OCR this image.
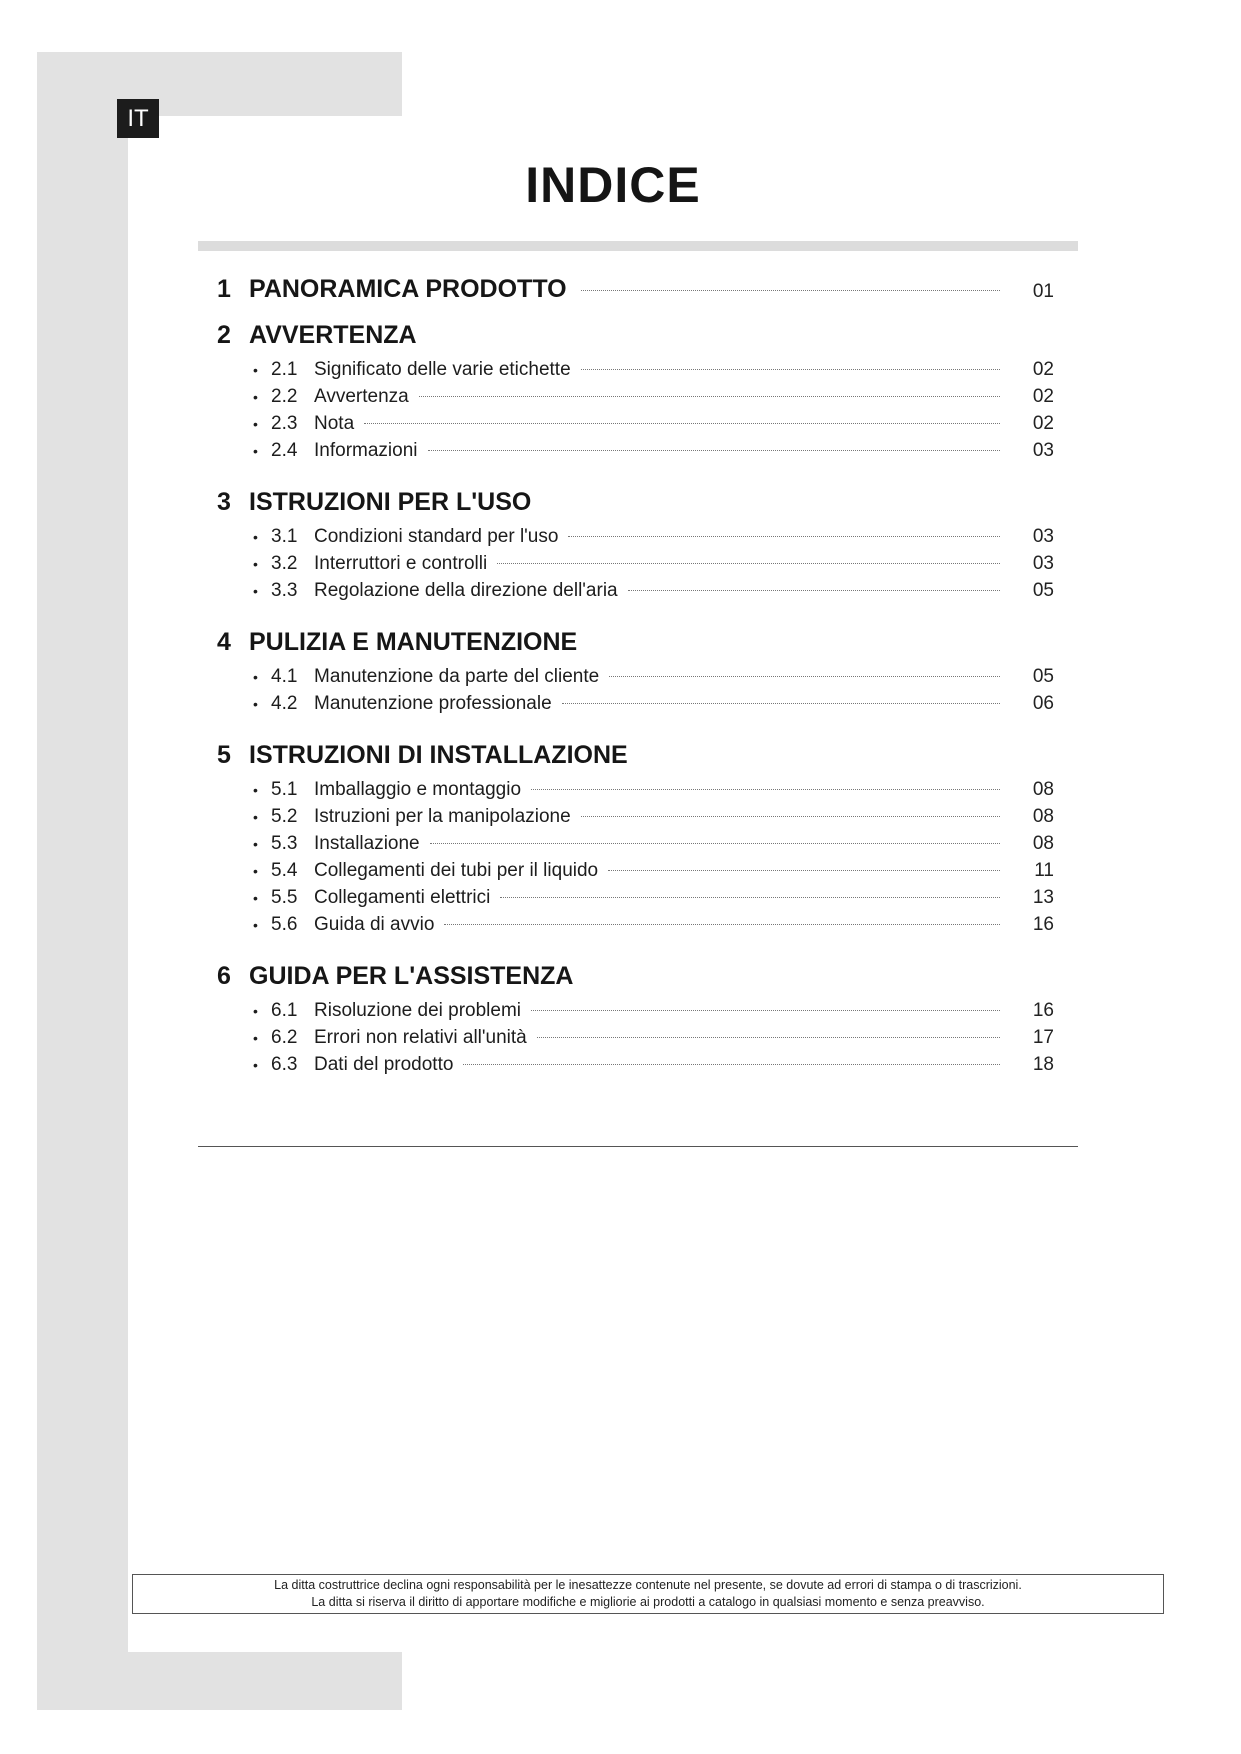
IT
INDICE
1 PANORAMICA PRODOTTO	01
2 AVVERTENZA
• 2.1 Significato delle varie etichette	02
• 2.2 Avvertenza	02
• 2.3 Nota	02
• 2.4 Informazioni	03
3 ISTRUZIONI PER L'USO
• 3.1 Condizioni standard per l'uso	03
• 3.2 Interruttori e controlli	03
• 3.3 Regolazione della direzione dell'aria	05
4 PULIZIA E MANUTENZIONE
• 4.1 Manutenzione da parte del cliente	05
• 4.2 Manutenzione professionale	06
5 ISTRUZIONI DI INSTALLAZIONE
• 5.1 Imballaggio e montaggio	08
• 5.2 Istruzioni per la manipolazione	08
• 5.3 Installazione	08
• 5.4 Collegamenti dei tubi per il liquido	11
• 5.5 Collegamenti elettrici	13
• 5.6 Guida di avvio	16
6 GUIDA PER L'ASSISTENZA
• 6.1 Risoluzione dei problemi	16
• 6.2 Errori non relativi all'unità	17
• 6.3 Dati del prodotto	18

La ditta costruttrice declina ogni responsabilità per le inesattezze contenute nel presente, se dovute ad errori di stampa o di trascrizioni.

La ditta si riserva il diritto di apportare modifiche e migliorie ai prodotti a catalogo in qualsiasi momento e senza preavviso.
